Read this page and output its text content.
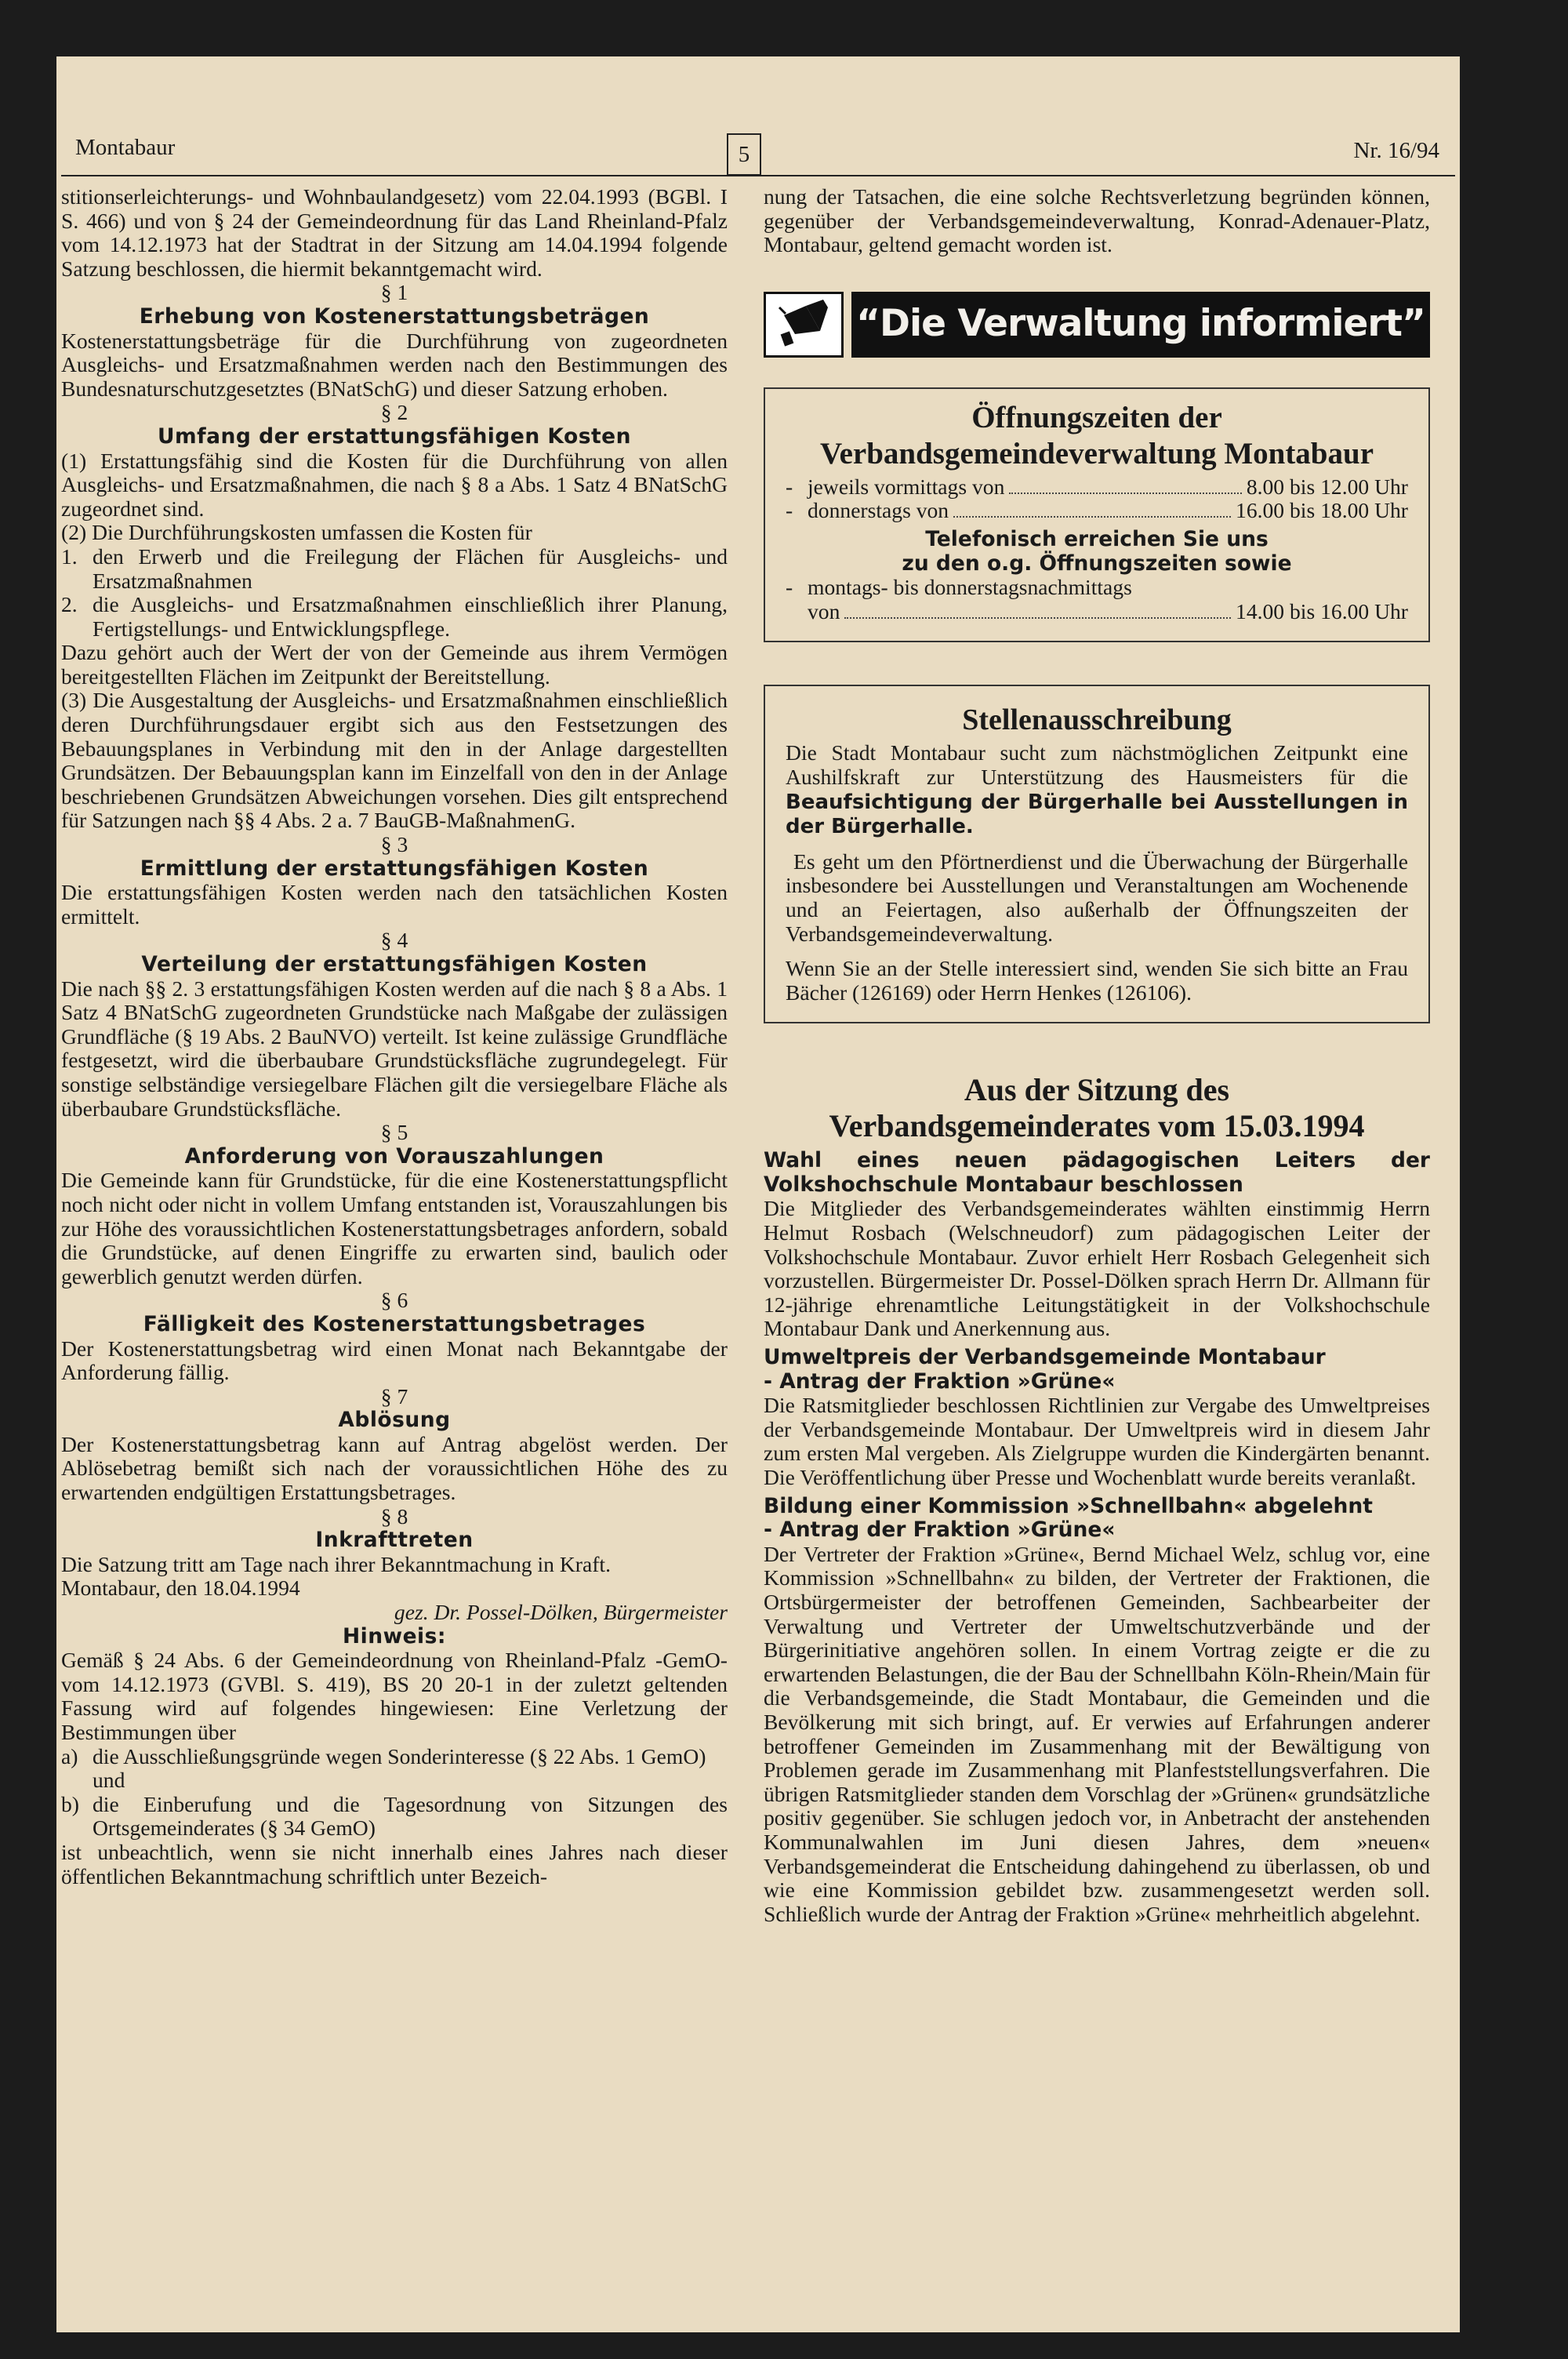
Montabaur	5	Nr. 16/94

stitionserleichterungs- und Wohnbaulandgesetz) vom 22.04.1993 (BGBl. I S. 466) und von § 24 der Gemeindeordnung für das Land Rheinland-Pfalz vom 14.12.1973 hat der Stadtrat in der Sitzung am 14.04.1994 folgende Satzung beschlossen, die hiermit bekanntgemacht wird.

§ 1

Erhebung von Kostenerstattungsbeträgen

Kostenerstattungsbeträge für die Durchführung von zugeordneten Ausgleichs- und Ersatzmaßnahmen werden nach den Bestimmungen des Bundesnaturschutzgesetztes (BNatSchG) und dieser Satzung erhoben.

§ 2

Umfang der erstattungsfähigen Kosten

(1) Erstattungsfähig sind die Kosten für die Durchführung von allen Ausgleichs- und Ersatzmaßnahmen, die nach § 8 a Abs. 1 Satz 4 BNatSchG zugeordnet sind.

(2) Die Durchführungskosten umfassen die Kosten für

1. den Erwerb und die Freilegung der Flächen für Ausgleichs- und Ersatzmaßnahmen
2. die Ausgleichs- und Ersatzmaßnahmen einschließlich ihrer Planung, Fertigstellungs- und Entwicklungspflege.

Dazu gehört auch der Wert der von der Gemeinde aus ihrem Vermögen bereitgestellten Flächen im Zeitpunkt der Bereitstellung.

(3) Die Ausgestaltung der Ausgleichs- und Ersatzmaßnahmen einschließlich deren Durchführungsdauer ergibt sich aus den Festsetzungen des Bebauungsplanes in Verbindung mit den in der Anlage dargestellten Grundsätzen. Der Bebauungsplan kann im Einzelfall von den in der Anlage beschriebenen Grundsätzen Abweichungen vorsehen. Dies gilt entsprechend für Satzungen nach §§ 4 Abs. 2 a. 7 BauGB-MaßnahmenG.

§ 3

Ermittlung der erstattungsfähigen Kosten

Die erstattungsfähigen Kosten werden nach den tatsächlichen Kosten ermittelt.

§ 4

Verteilung der erstattungsfähigen Kosten

Die nach §§ 2. 3 erstattungsfähigen Kosten werden auf die nach § 8 a Abs. 1 Satz 4 BNatSchG zugeordneten Grundstücke nach Maßgabe der zulässigen Grundfläche (§ 19 Abs. 2 BauNVO) verteilt. Ist keine zulässige Grundfläche festgesetzt, wird die überbaubare Grundstücksfläche zugrundegelegt. Für sonstige selbständige versiegelbare Flächen gilt die versiegelbare Fläche als überbaubare Grundstücksfläche.

§ 5

Anforderung von Vorauszahlungen

Die Gemeinde kann für Grundstücke, für die eine Kostenerstattungspflicht noch nicht oder nicht in vollem Umfang entstanden ist, Vorauszahlungen bis zur Höhe des voraussichtlichen Kostenerstattungsbetrages anfordern, sobald die Grundstücke, auf denen Eingriffe zu erwarten sind, baulich oder gewerblich genutzt werden dürfen.

§ 6

Fälligkeit des Kostenerstattungsbetrages

Der Kostenerstattungsbetrag wird einen Monat nach Bekanntgabe der Anforderung fällig.

§ 7

Ablösung

Der Kostenerstattungsbetrag kann auf Antrag abgelöst werden. Der Ablösebetrag bemißt sich nach der voraussichtlichen Höhe des zu erwartenden endgültigen Erstattungsbetrages.

§ 8

Inkrafttreten

Die Satzung tritt am Tage nach ihrer Bekanntmachung in Kraft.

Montabaur, den 18.04.1994

gez. Dr. Possel-Dölken, Bürgermeister

Hinweis:

Gemäß § 24 Abs. 6 der Gemeindeordnung von Rheinland-Pfalz -GemO- vom 14.12.1973 (GVBl. S. 419), BS 20 20-1 in der zuletzt geltenden Fassung wird auf folgendes hingewiesen: Eine Verletzung der Bestimmungen über

a) die Ausschließungsgründe wegen Sonderinteresse (§ 22 Abs. 1 GemO)
und
b) die Einberufung und die Tagesordnung von Sitzungen des Ortsgemeinderates (§ 34 GemO)

ist unbeachtlich, wenn sie nicht innerhalb eines Jahres nach dieser öffentlichen Bekanntmachung schriftlich unter Bezeich-

nung der Tatsachen, die eine solche Rechtsverletzung begründen können, gegenüber der Verbandsgemeindeverwaltung, Konrad-Adenauer-Platz, Montabaur, geltend gemacht worden ist.

“Die Verwaltung informiert”
Öffnungszeiten der
Verbandsgemeindeverwaltung Montabaur
- jeweils vormittags von	8.00 bis 12.00 Uhr
- donnerstags von	16.00 bis 18.00 Uhr

Telefonisch erreichen Sie uns

zu den o.g. Öffnungszeiten sowie

- montags- bis donnerstagsnachmittags
von	14.00 bis 16.00 Uhr
Stellenausschreibung

Die Stadt Montabaur sucht zum nächstmöglichen Zeitpunkt eine Aushilfskraft zur Unterstützung des Hausmeisters für die Beaufsichtigung der Bürgerhalle bei Ausstellungen in der Bürgerhalle.

Es geht um den Pförtnerdienst und die Überwachung der Bürgerhalle insbesondere bei Ausstellungen und Veranstaltungen am Wochenende und an Feiertagen, also außerhalb der Öffnungszeiten der Verbandsgemeindeverwaltung.

Wenn Sie an der Stelle interessiert sind, wenden Sie sich bitte an Frau Bächer (126169) oder Herrn Henkes (126106).

Aus der Sitzung des

Verbandsgemeinderates vom 15.03.1994

Wahl eines neuen pädagogischen Leiters der Volkshochschule Montabaur beschlossen

Die Mitglieder des Verbandsgemeinderates wählten einstimmig Herrn Helmut Rosbach (Welschneudorf) zum pädagogischen Leiter der Volkshochschule Montabaur. Zuvor erhielt Herr Rosbach Gelegenheit sich vorzustellen. Bürgermeister Dr. Possel-Dölken sprach Herrn Dr. Allmann für 12-jährige ehrenamtliche Leitungstätigkeit in der Volkshochschule Montabaur Dank und Anerkennung aus.

Umweltpreis der Verbandsgemeinde Montabaur

- Antrag der Fraktion »Grüne«

Die Ratsmitglieder beschlossen Richtlinien zur Vergabe des Umweltpreises der Verbandsgemeinde Montabaur. Der Umweltpreis wird in diesem Jahr zum ersten Mal vergeben. Als Zielgruppe wurden die Kindergärten benannt. Die Veröffentlichung über Presse und Wochenblatt wurde bereits veranlaßt.

Bildung einer Kommission »Schnellbahn« abgelehnt

- Antrag der Fraktion »Grüne«

Der Vertreter der Fraktion »Grüne«, Bernd Michael Welz, schlug vor, eine Kommission »Schnellbahn« zu bilden, der Vertreter der Fraktionen, die Ortsbürgermeister der betroffenen Gemeinden, Sachbearbeiter der Verwaltung und Vertreter der Umweltschutzverbände und der Bürgerinitiative angehören sollen. In einem Vortrag zeigte er die zu erwartenden Belastungen, die der Bau der Schnellbahn Köln-Rhein/Main für die Verbandsgemeinde, die Stadt Montabaur, die Gemeinden und die Bevölkerung mit sich bringt, auf. Er verwies auf Erfahrungen anderer betroffener Gemeinden im Zusammenhang mit der Bewältigung von Problemen gerade im Zusammenhang mit Planfeststellungsverfahren. Die übrigen Ratsmitglieder standen dem Vorschlag der »Grünen« grundsätzliche positiv gegenüber. Sie schlugen jedoch vor, in Anbetracht der anstehenden Kommunalwahlen im Juni diesen Jahres, dem »neuen« Verbandsgemeinderat die Entscheidung dahingehend zu überlassen, ob und wie eine Kommission gebildet bzw. zusammengesetzt werden soll. Schließlich wurde der Antrag der Fraktion »Grüne« mehrheitlich abgelehnt.
